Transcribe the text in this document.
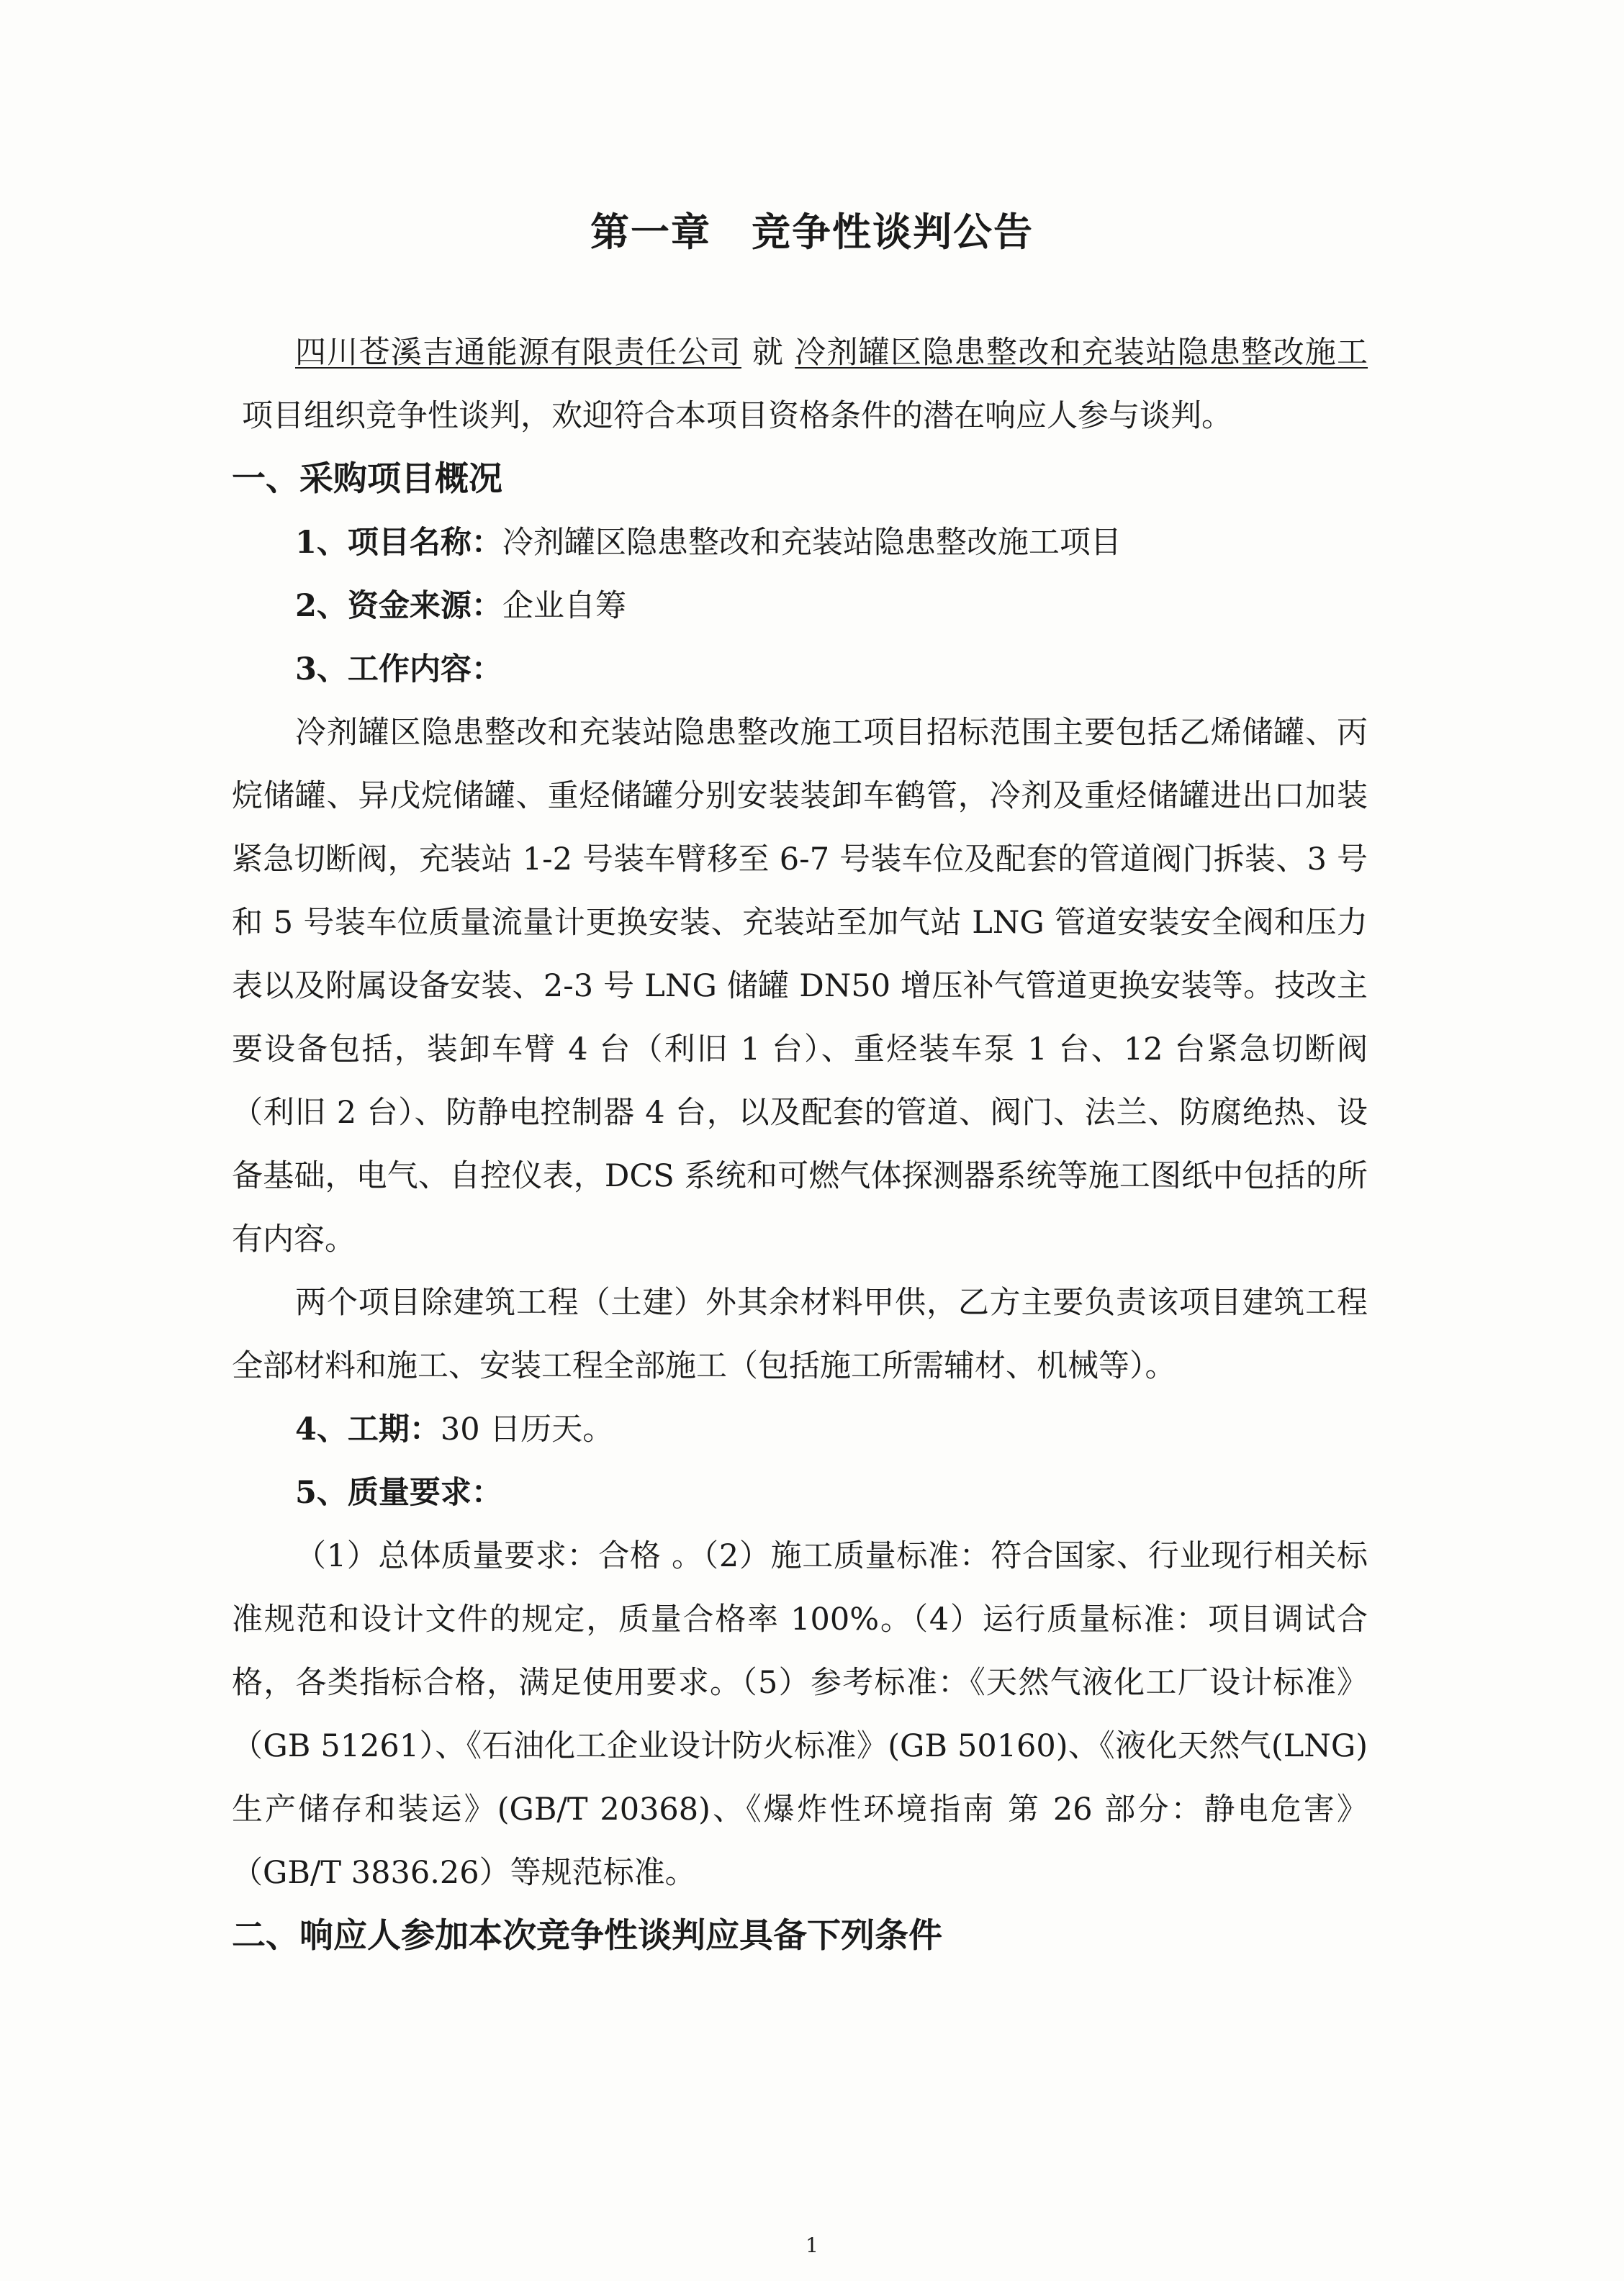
第一章 竞争性谈判公告

四川苍溪吉通能源有限责任公司 就 冷剂罐区隐患整改和充装站隐患整改施工项目组织竞争性谈判，欢迎符合本项目资格条件的潜在响应人参与谈判。

一、采购项目概况

1、项目名称：冷剂罐区隐患整改和充装站隐患整改施工项目

2、资金来源：企业自筹

3、工作内容：

冷剂罐区隐患整改和充装站隐患整改施工项目招标范围主要包括乙烯储罐、丙烷储罐、异戊烷储罐、重烃储罐分别安装装卸车鹤管，冷剂及重烃储罐进出口加装紧急切断阀，充装站 1-2 号装车臂移至 6-7 号装车位及配套的管道阀门拆装、3 号和 5 号装车位质量流量计更换安装、充装站至加气站 LNG 管道安装安全阀和压力表以及附属设备安装、2-3 号 LNG 储罐 DN50 增压补气管道更换安装等。技改主要设备包括，装卸车臂 4 台（利旧 1 台）、重烃装车泵 1 台、12 台紧急切断阀（利旧 2 台）、防静电控制器 4 台，以及配套的管道、阀门、法兰、防腐绝热、设备基础，电气、自控仪表，DCS 系统和可燃气体探测器系统等施工图纸中包括的所有内容。

两个项目除建筑工程（土建）外其余材料甲供，乙方主要负责该项目建筑工程全部材料和施工、安装工程全部施工（包括施工所需辅材、机械等）。

4、工期：30 日历天。

5、质量要求：

（1）总体质量要求：合格 。（2）施工质量标准：符合国家、行业现行相关标准规范和设计文件的规定，质量合格率 100%。（4）运行质量标准：项目调试合格，各类指标合格，满足使用要求。（5）参考标准：《天然气液化工厂设计标准》（GB 51261）、《石油化工企业设计防火标准》(GB 50160)、《液化天然气(LNG)生产储存和装运》(GB/T 20368)、《爆炸性环境指南 第 26 部分：静电危害》（GB/T 3836.26）等规范标准。

二、响应人参加本次竞争性谈判应具备下列条件

1
